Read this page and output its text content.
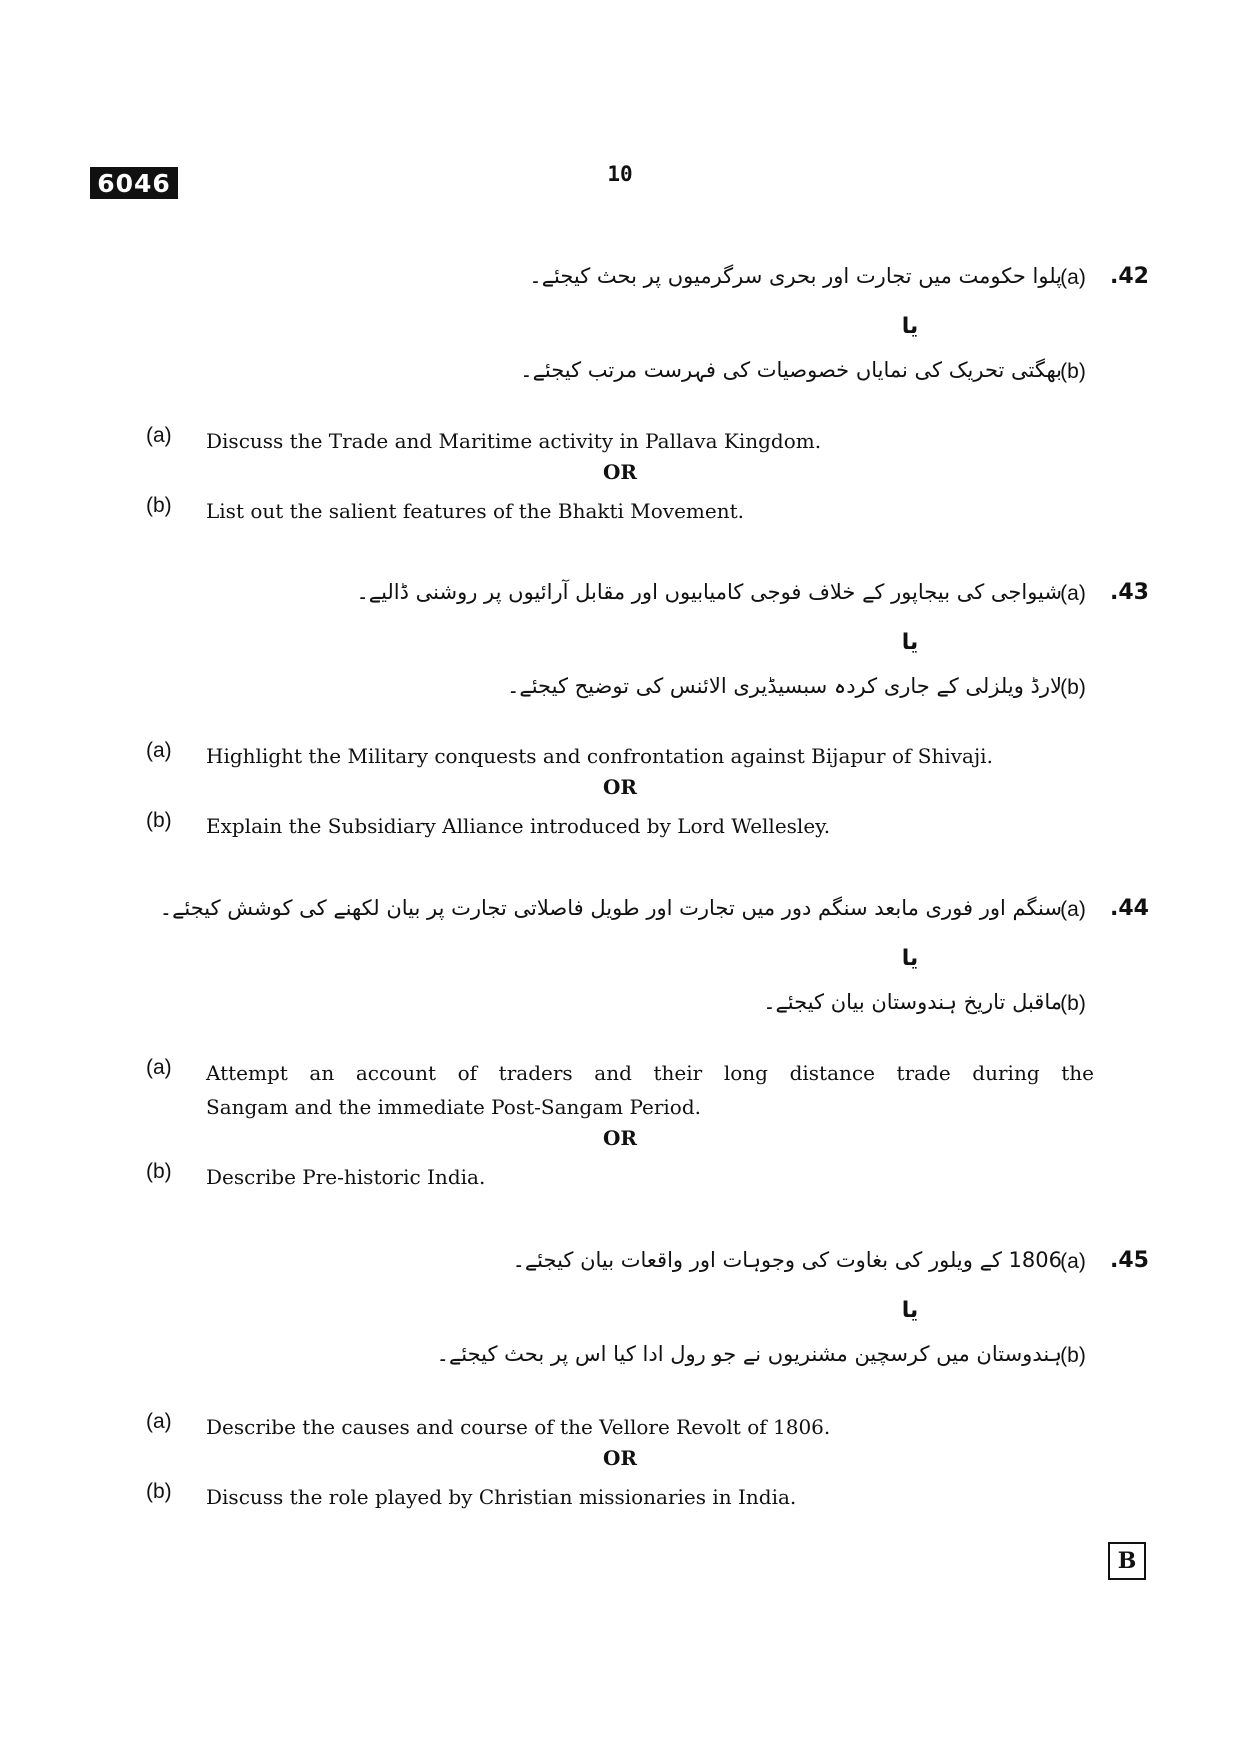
6046	10
پلوا حکومت میں تجارت اور بحری سرگرمیوں پر بحث کیجئے۔
(a)	.42
یا
بھگتی تحریک کی نمایاں خصوصیات کی فہرست مرتب کیجئے۔
(b)
(a)	Discuss the Trade and Maritime activity in Pallava Kingdom.
OR
(b)	List out the salient features of the Bhakti Movement.
شیواجی کی بیجاپور کے خلاف فوجی کامیابیوں اور مقابل آرائیوں پر روشنی ڈالیے۔
(a)	.43
یا
لارڈ ویلزلی کے جاری کردہ سبسیڈیری الائنس کی توضیح کیجئے۔
(b)
(a)	Highlight the Military conquests and confrontation against Bijapur of Shivaji.
OR
(b)	Explain the Subsidiary Alliance introduced by Lord Wellesley.
سنگم اور فوری مابعد سنگم دور میں تجارت اور طویل فاصلاتی تجارت پر بیان لکھنے کی کوشش کیجئے۔
(a)	.44
یا
ماقبل تاریخ ہندوستان بیان کیجئے۔
(b)
(a)	Attempt an account of traders and their long distance trade during the
Sangam and the immediate Post-Sangam Period.
OR
(b)	Describe Pre-historic India.
1806 کے ویلور کی بغاوت کی وجوہات اور واقعات بیان کیجئے۔
(a)	.45
یا
ہندوستان میں کرسچین مشنریوں نے جو رول ادا کیا اس پر بحث کیجئے۔
(b)
(a)	Describe the causes and course of the Vellore Revolt of 1806.
OR
(b)	Discuss the role played by Christian missionaries in India.
B
